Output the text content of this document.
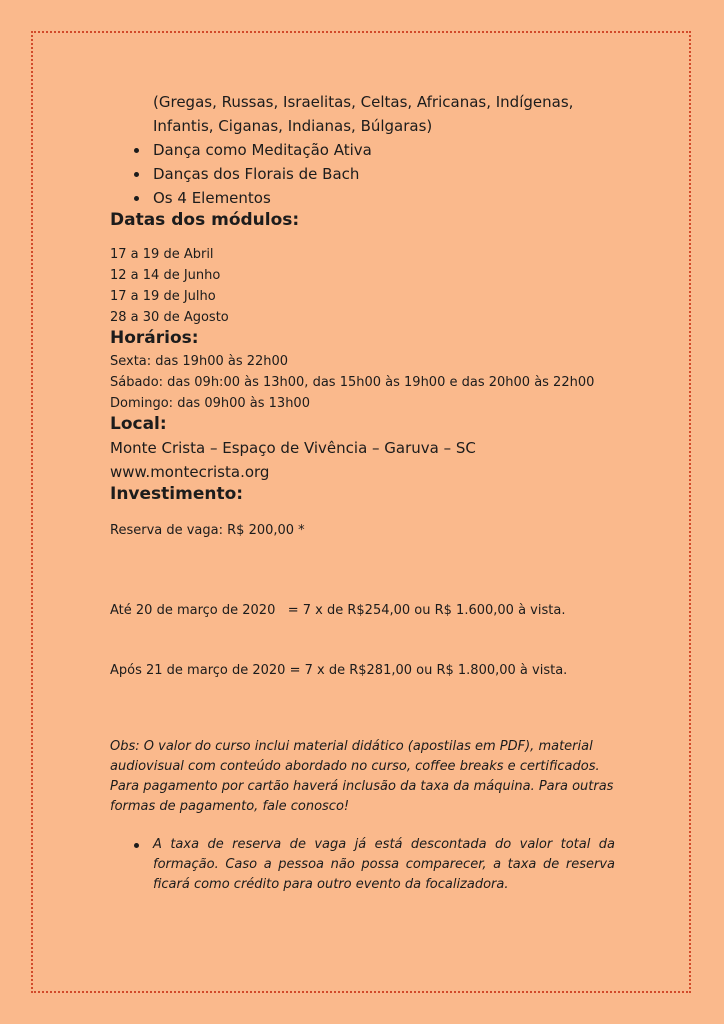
(Gregas, Russas, Israelitas, Celtas, Africanas, Indígenas, Infantis, Ciganas, Indianas, Búlgaras)
Dança como Meditação Ativa
Danças dos Florais de Bach
Os 4 Elementos
Datas dos módulos:
17 a 19 de Abril
12 a 14 de Junho
17 a 19 de Julho
28 a 30 de Agosto
Horários:
Sexta: das 19h00 às 22h00
Sábado: das 09h:00 às 13h00, das 15h00 às 19h00 e das 20h00 às 22h00
Domingo: das 09h00 às 13h00
Local:
Monte Crista – Espaço de Vivência – Garuva – SC
www.montecrista.org
Investimento:
Reserva de vaga: R$ 200,00 *

Até 20 de março de 2020   = 7 x de R$254,00 ou R$ 1.600,00 à vista.

Após 21 de março de 2020 = 7 x de R$281,00 ou R$ 1.800,00 à vista.

Obs: O valor do curso inclui material didático (apostilas em PDF), material audiovisual com conteúdo abordado no curso, coffee breaks e certificados. Para pagamento por cartão haverá inclusão da taxa da máquina. Para outras formas de pagamento, fale conosco!
A taxa de reserva de vaga já está descontada do valor total da formação. Caso a pessoa não possa comparecer, a taxa de reserva ficará como crédito para outro evento da focalizadora.
